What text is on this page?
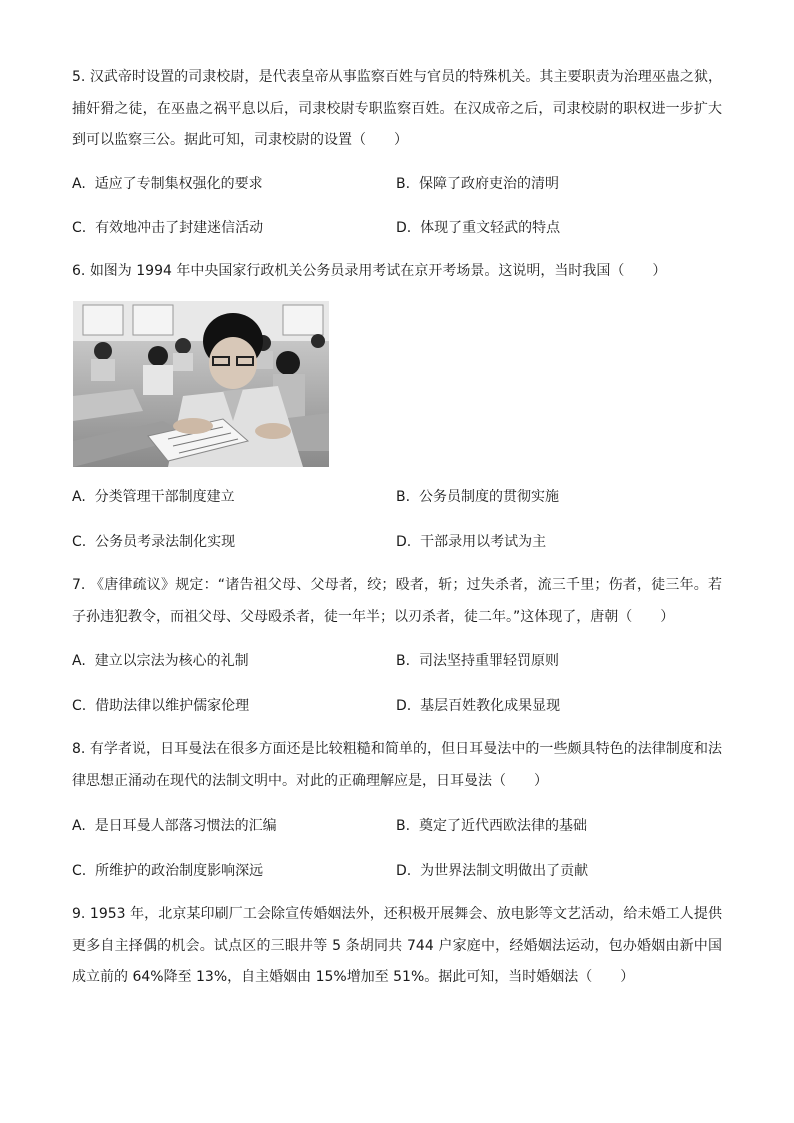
5. 汉武帝时设置的司隶校尉，是代表皇帝从事监察百姓与官员的特殊机关。其主要职责为治理巫蛊之狱，捕奸猾之徒，在巫蛊之祸平息以后，司隶校尉专职监察百姓。在汉成帝之后，司隶校尉的职权进一步扩大到可以监察三公。据此可知，司隶校尉的设置（　　）

A. 适应了专制集权强化的要求	B. 保障了政府吏治的清明
C. 有效地冲击了封建迷信活动	D. 体现了重文轻武的特点

6. 如图为 1994 年中央国家行政机关公务员录用考试在京开考场景。这说明，当时我国（　　）

A. 分类管理干部制度建立	B. 公务员制度的贯彻实施
C. 公务员考录法制化实现	D. 干部录用以考试为主

7. 《唐律疏议》规定：“诸告祖父母、父母者，绞；殴者，斩；过失杀者，流三千里；伤者，徒三年。若子孙违犯教令，而祖父母、父母殴杀者，徒一年半；以刃杀者，徒二年。”这体现了，唐朝（　　）

A. 建立以宗法为核心的礼制	B. 司法坚持重罪轻罚原则
C. 借助法律以维护儒家伦理	D. 基层百姓教化成果显现

8. 有学者说，日耳曼法在很多方面还是比较粗糙和简单的，但日耳曼法中的一些颇具特色的法律制度和法律思想正涌动在现代的法制文明中。对此的正确理解应是，日耳曼法（　　）

A. 是日耳曼人部落习惯法的汇编	B. 奠定了近代西欧法律的基础
C. 所维护的政治制度影响深远	D. 为世界法制文明做出了贡献

9. 1953 年，北京某印刷厂工会除宣传婚姻法外，还积极开展舞会、放电影等文艺活动，给未婚工人提供更多自主择偶的机会。试点区的三眼井等 5 条胡同共 744 户家庭中，经婚姻法运动，包办婚姻由新中国成立前的 64%降至 13%，自主婚姻由 15%增加至 51%。据此可知，当时婚姻法（　　）
